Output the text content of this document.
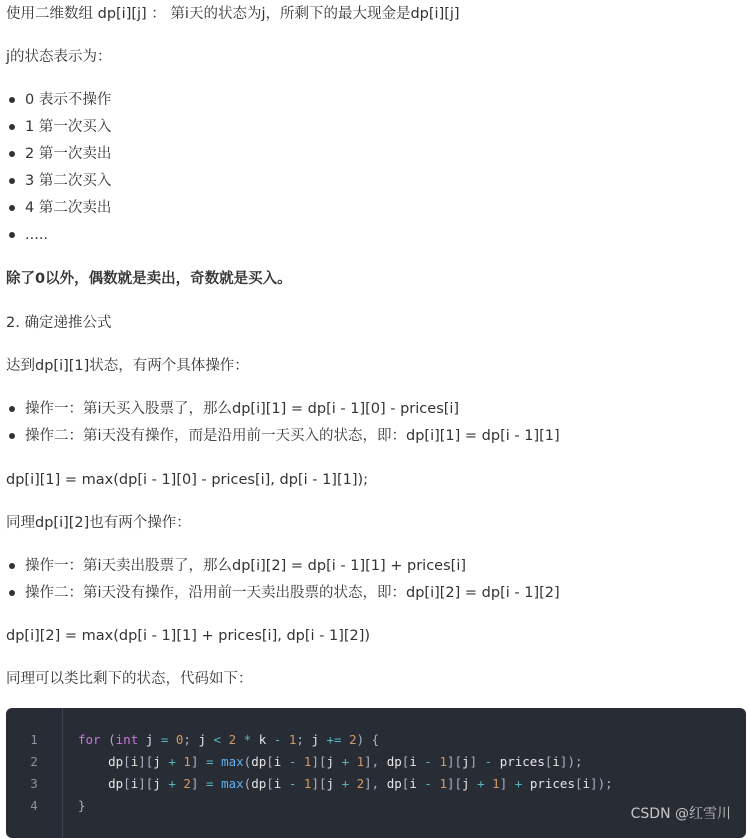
使用二维数组 dp[i][j] ： 第i天的状态为j，所剩下的最大现金是dp[i][j]
j的状态表示为：
0 表示不操作
1 第一次买入
2 第一次卖出
3 第二次买入
4 第二次卖出
.....
除了0以外，偶数就是卖出，奇数就是买入。
2. 确定递推公式
达到dp[i][1]状态，有两个具体操作：
操作一：第i天买入股票了，那么dp[i][1] = dp[i - 1][0] - prices[i]
操作二：第i天没有操作，而是沿用前一天买入的状态，即：dp[i][1] = dp[i - 1][1]
dp[i][1] = max(dp[i - 1][0] - prices[i], dp[i - 1][1]);
同理dp[i][2]也有两个操作：
操作一：第i天卖出股票了，那么dp[i][2] = dp[i - 1][1] + prices[i]
操作二：第i天没有操作，沿用前一天卖出股票的状态，即：dp[i][2] = dp[i - 1][2]
dp[i][2] = max(dp[i - 1][1] + prices[i], dp[i - 1][2])
同理可以类比剩下的状态，代码如下：
1
2
3
4
for (int j = 0; j < 2 * k - 1; j += 2) {
dp[i][j + 1] = max(dp[i - 1][j + 1], dp[i - 1][j] - prices[i]);
dp[i][j + 2] = max(dp[i - 1][j + 2], dp[i - 1][j + 1] + prices[i]);
}
CSDN @红雪川
